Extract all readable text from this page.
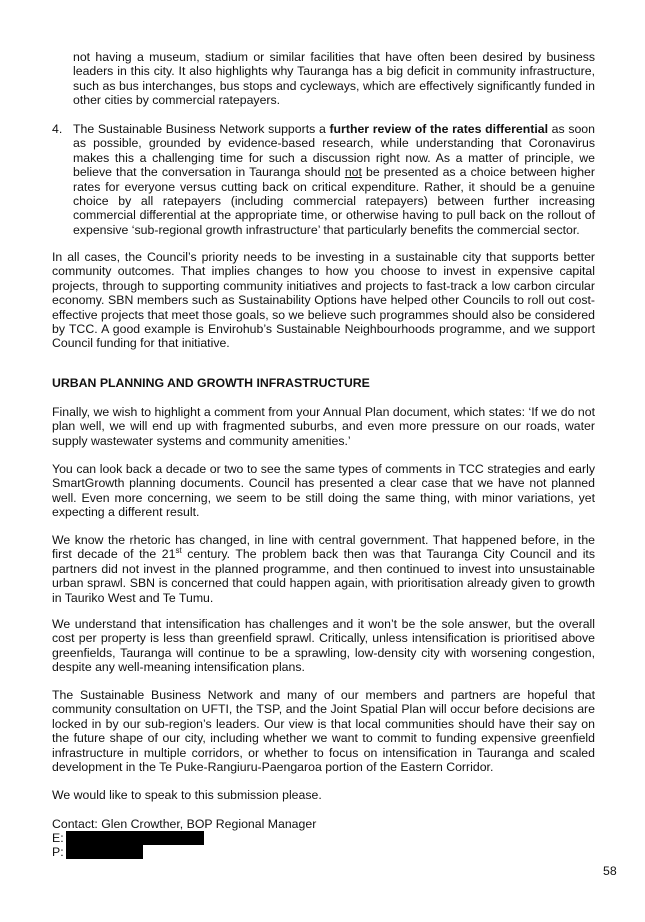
not having a museum, stadium or similar facilities that have often been desired by business leaders in this city. It also highlights why Tauranga has a big deficit in community infrastructure, such as bus interchanges, bus stops and cycleways, which are effectively significantly funded in other cities by commercial ratepayers.

4. The Sustainable Business Network supports a further review of the rates differential as soon as possible, grounded by evidence-based research, while understanding that Coronavirus makes this a challenging time for such a discussion right now. As a matter of principle, we believe that the conversation in Tauranga should not be presented as a choice between higher rates for everyone versus cutting back on critical expenditure. Rather, it should be a genuine choice by all ratepayers (including commercial ratepayers) between further increasing commercial differential at the appropriate time, or otherwise having to pull back on the rollout of expensive ‘sub-regional growth infrastructure’ that particularly benefits the commercial sector.

In all cases, the Council’s priority needs to be investing in a sustainable city that supports better community outcomes. That implies changes to how you choose to invest in expensive capital projects, through to supporting community initiatives and projects to fast-track a low carbon circular economy. SBN members such as Sustainability Options have helped other Councils to roll out cost-effective projects that meet those goals, so we believe such programmes should also be considered by TCC. A good example is Envirohub’s Sustainable Neighbourhoods programme, and we support Council funding for that initiative.

URBAN PLANNING AND GROWTH INFRASTRUCTURE

Finally, we wish to highlight a comment from your Annual Plan document, which states: ‘If we do not plan well, we will end up with fragmented suburbs, and even more pressure on our roads, water supply wastewater systems and community amenities.’

You can look back a decade or two to see the same types of comments in TCC strategies and early SmartGrowth planning documents. Council has presented a clear case that we have not planned well. Even more concerning, we seem to be still doing the same thing, with minor variations, yet expecting a different result.

We know the rhetoric has changed, in line with central government. That happened before, in the first decade of the 21st century. The problem back then was that Tauranga City Council and its partners did not invest in the planned programme, and then continued to invest into unsustainable urban sprawl. SBN is concerned that could happen again, with prioritisation already given to growth in Tauriko West and Te Tumu.

We understand that intensification has challenges and it won’t be the sole answer, but the overall cost per property is less than greenfield sprawl. Critically, unless intensification is prioritised above greenfields, Tauranga will continue to be a sprawling, low-density city with worsening congestion, despite any well-meaning intensification plans.

The Sustainable Business Network and many of our members and partners are hopeful that community consultation on UFTI, the TSP, and the Joint Spatial Plan will occur before decisions are locked in by our sub-region’s leaders. Our view is that local communities should have their say on the future shape of our city, including whether we want to commit to funding expensive greenfield infrastructure in multiple corridors, or whether to focus on intensification in Tauranga and scaled development in the Te Puke-Rangiuru-Paengaroa portion of the Eastern Corridor.

We would like to speak to this submission please.

Contact: Glen Crowther, BOP Regional Manager

E:

P:

58
